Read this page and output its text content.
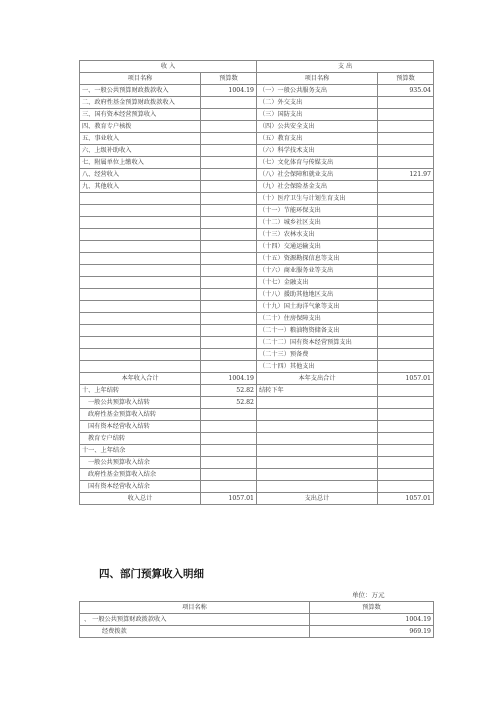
收 入		支 出	
项目名称	预算数	项目名称	预算数
一、一般公共预算财政拨款收入	1004.19	（一）一般公共服务支出	935.04
二、政府性基金预算财政拨款收入		（二）外交支出	
三、国有资本经营预算收入		（三）国防支出	
四、教育专户核拨		（四）公共安全支出	
五、事业收入		（五）教育支出	
六、上级补助收入		（六）科学技术支出	
七、附属单位上缴收入		（七）文化体育与传媒支出	
八、经营收入		（八）社会保障和就业支出	121.97
九、其他收入		（九）社会保险基金支出	
		（十）医疗卫生与计划生育支出	
		（十一）节能环保支出	
		（十二）城乡社区支出	
		（十三）农林水支出	
		（十四）交通运输支出	
		（十五）资源勘探信息等支出	
		（十六）商业服务业等支出	
		（十七）金融支出	
		（十八）援助其他地区支出	
		（十九）国土海洋气象等支出	
		（二十）住房保障支出	
		（二十一）粮油物资储备支出	
		（二十二）国有资本经营预算支出	
		（二十三）预备费	
		（二十四）其他支出	
本年收入合计	1004.19	本年支出合计	1057.01
十、上年结转	52.82	结转下年	
一般公共预算收入结转	52.82		
政府性基金预算收入结转			
国有资本经营收入结转			
教育专户结转			
十一、上年结余			
一般公共预算收入结余			
政府性基金预算收入结余			
国有资本经营收入结余			
收入总计	1057.01	支出总计	1057.01
四、部门预算收入明细
单位：万元
项目名称	预算数
、 一般公共预算财政拨款收入	1004.19
经费拨款	969.19
